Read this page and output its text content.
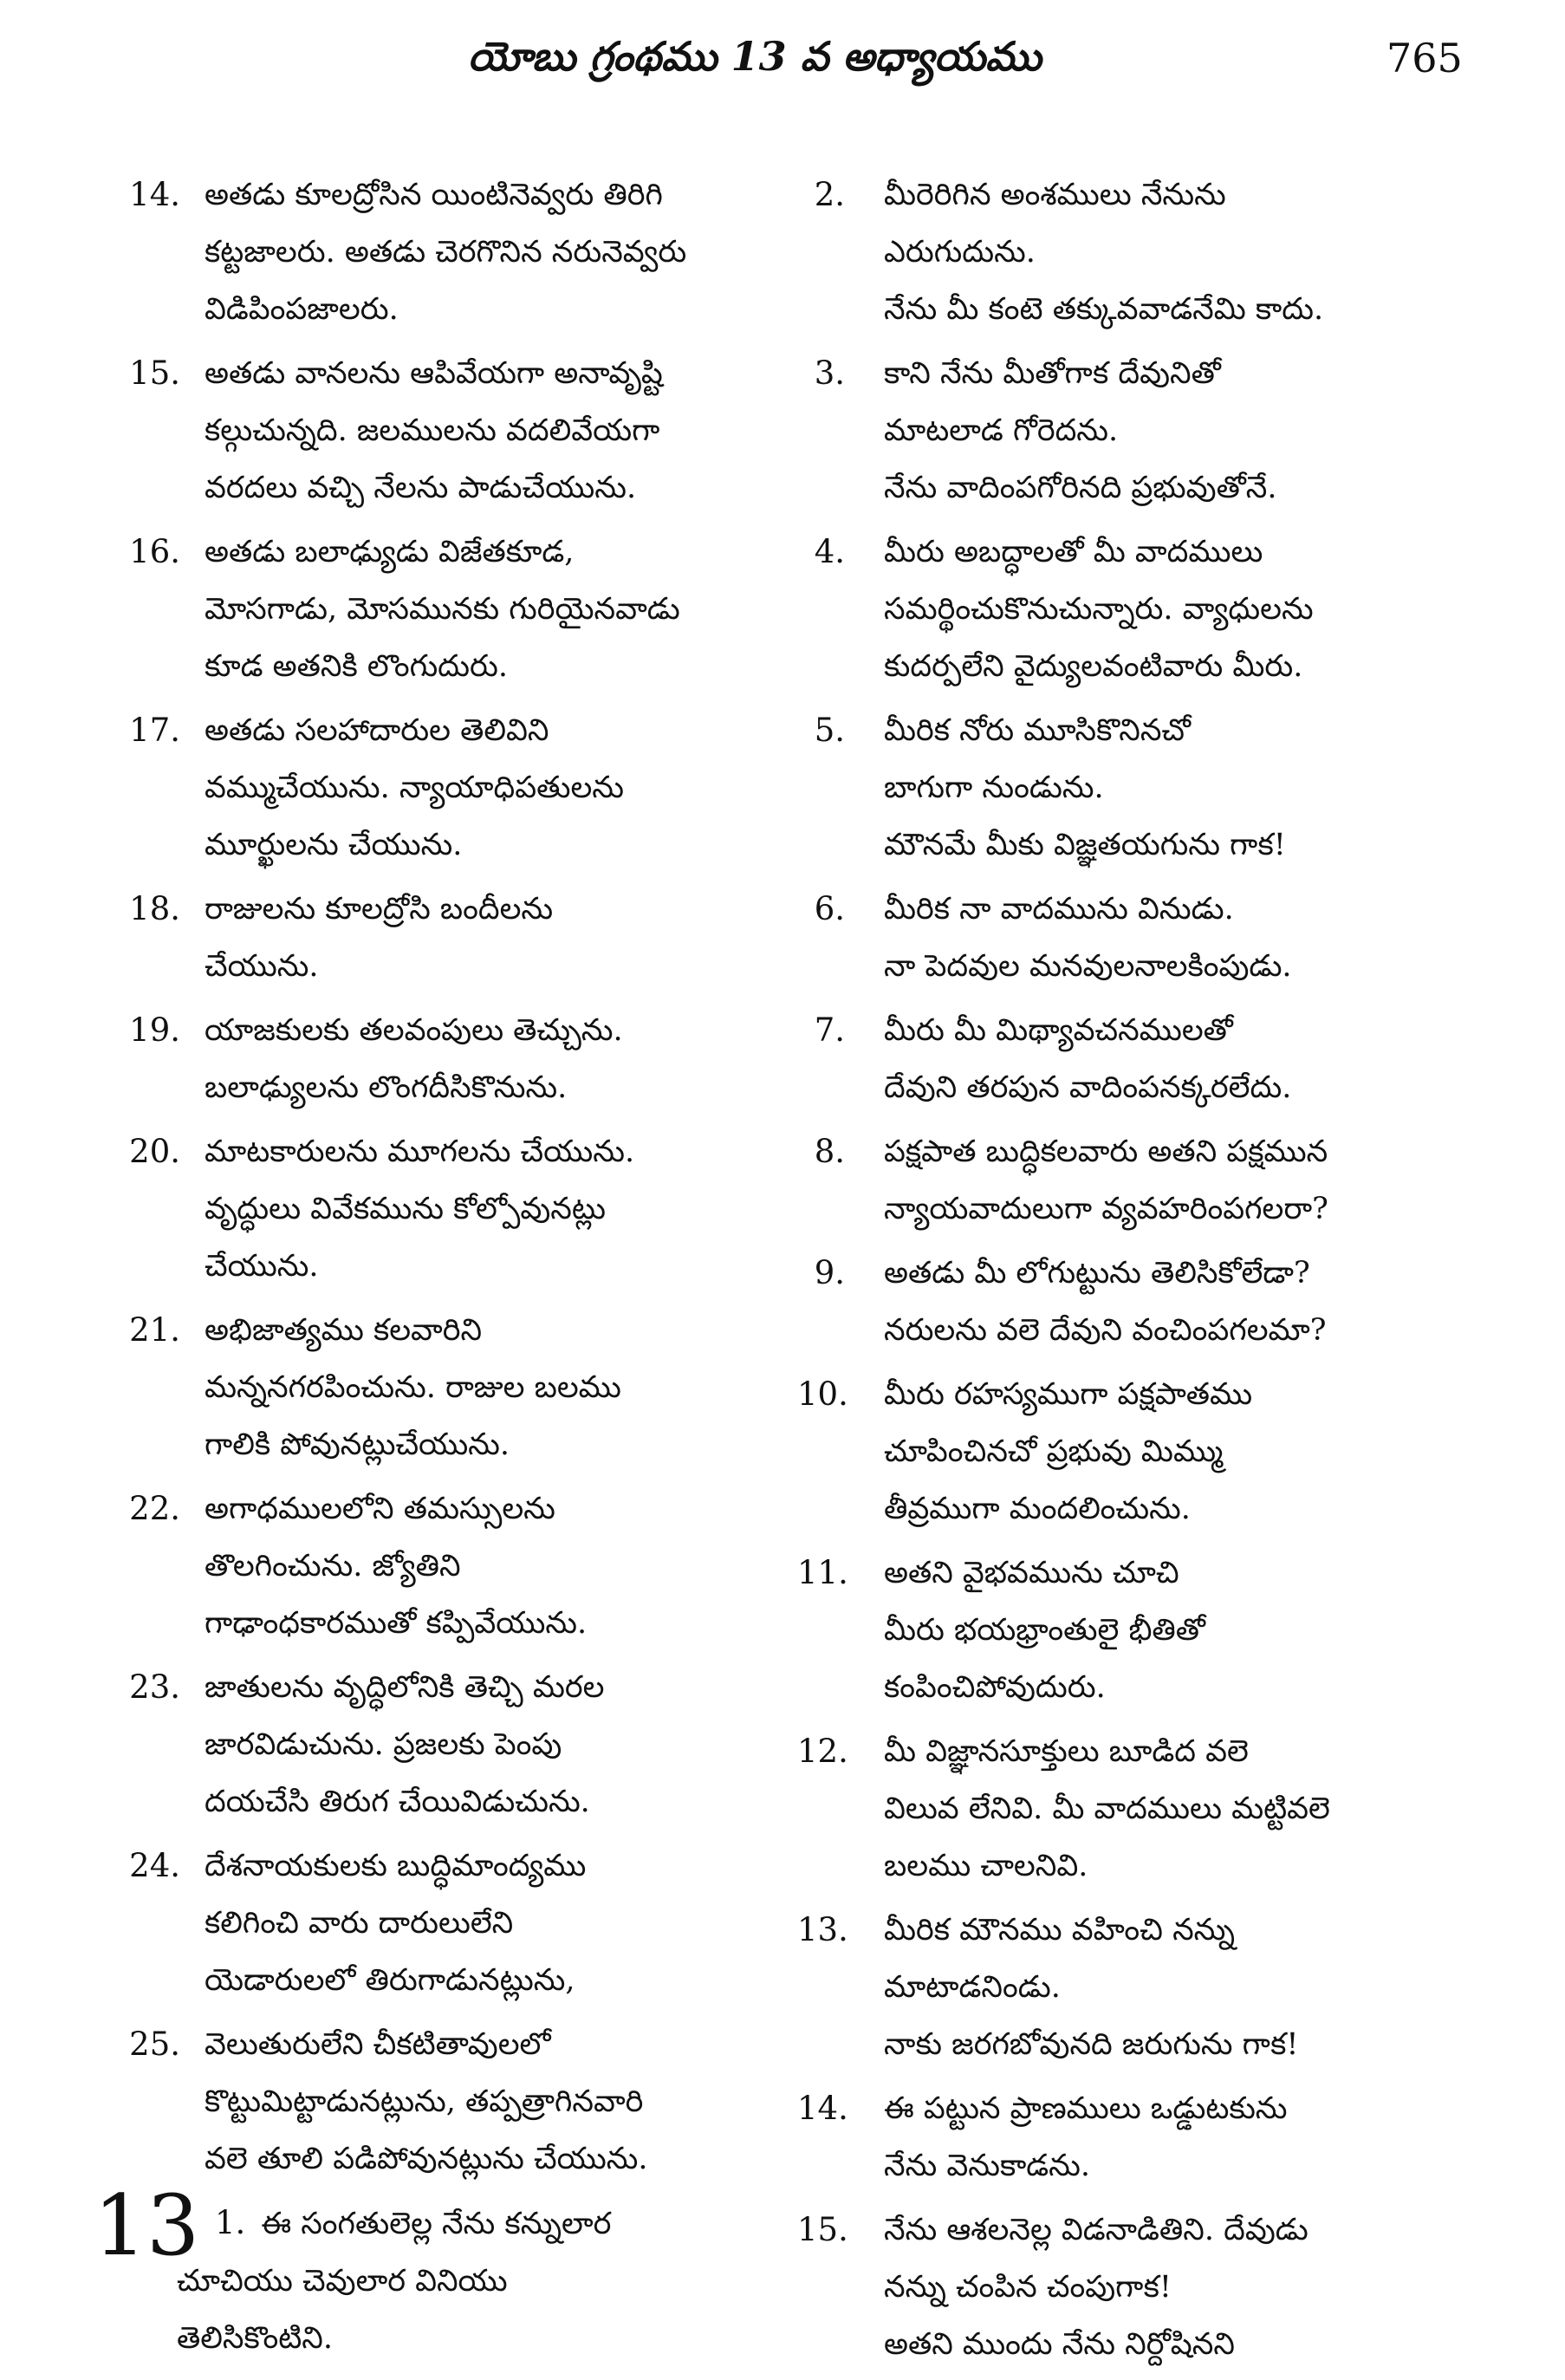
యోబు గ్రంథము 13 వ అధ్యాయము	765
14. అతడు కూలద్రోసిన యింటినెవ్వరు తిరిగి
కట్టజాలరు. అతడు చెరగొనిన నరునెవ్వరు
విడిపింపజాలరు.
15. అతడు వానలను ఆపివేయగా అనావృష్టి
కల్గుచున్నది. జలములను వదలివేయగా
వరదలు వచ్చి నేలను పాడుచేయును.
16. అతడు బలాఢ్యుడు విజేతకూడ,
మోసగాడు, మోసమునకు గురియైనవాడు
కూడ అతనికి లొంగుదురు.
17. అతడు సలహాదారుల తెలివిని
వమ్ముచేయును. న్యాయాధిపతులను
మూర్ఖులను చేయును.
18. రాజులను కూలద్రోసి బందీలను
చేయును.
19. యాజకులకు తలవంపులు తెచ్చును.
బలాఢ్యులను లొంగదీసికొనును.
20. మాటకారులను మూగలను చేయును.
వృద్ధులు వివేకమును కోల్పోవునట్లు
చేయును.
21. అభిజాత్యము కలవారిని
మన్ననగరపించును. రాజుల బలము
గాలికి పోవునట్లుచేయును.
22. అగాధములలోని తమస్సులను
తొలగించును. జ్యోతిని
గాఢాంధకారముతో కప్పివేయును.
23. జాతులను వృద్ధిలోనికి తెచ్చి మరల
జారవిడుచును. ప్రజలకు పెంపు
దయచేసి తిరుగ చేయివిడుచును.
24. దేశనాయకులకు బుద్ధిమాంద్యము
కలిగించి వారు దారులులేని
యెడారులలో తిరుగాడునట్లును,
25. వెలుతురులేని చీకటితావులలో
కొట్టుమిట్టాడునట్లును, తప్పత్రాగినవారి
వలె తూలి పడిపోవునట్లును చేయును.
13 1. ఈ సంగతులెల్ల నేను కన్నులార
చూచియు చెవులార వినియు
తెలిసికొంటిని.
2.	మీరెరిగిన అంశములు నేనును
ఎరుగుదును.
నేను మీ కంటె తక్కువవాడనేమి కాదు.
3.	కాని నేను మీతోగాక దేవునితో
మాటలాడ గోరెదను.
నేను వాదింపగోరినది ప్రభువుతోనే.
4.	మీరు అబద్ధాలతో మీ వాదములు
సమర్థించుకొనుచున్నారు. వ్యాధులను
కుదర్పలేని వైద్యులవంటివారు మీరు.
5.	మీరిక నోరు మూసికొనినచో
బాగుగా నుండును.
మౌనమే మీకు విజ్ఞతయగును గాక!
6.	మీరిక నా వాదమును వినుడు.
నా పెదవుల మనవులనాలకింపుడు.
7.	మీరు మీ మిథ్యావచనములతో
దేవుని తరపున వాదింపనక్కరలేదు.
8.	పక్షపాత బుద్ధికలవారు అతని పక్షమున
న్యాయవాదులుగా వ్యవహరింపగలరా?
9.	అతడు మీ లోగుట్టును తెలిసికోలేడా?
నరులను వలె దేవుని వంచింపగలమా?
10.	మీరు రహస్యముగా పక్షపాతము
చూపించినచో ప్రభువు మిమ్ము
తీవ్రముగా మందలించును.
11.	అతని వైభవమును చూచి
మీరు భయభ్రాంతులై భీతితో
కంపించిపోవుదురు.
12.	మీ విజ్ఞానసూక్తులు బూడిద వలె
విలువ లేనివి. మీ వాదములు మట్టివలె
బలము చాలనివి.
13.	మీరిక మౌనము వహించి నన్ను
మాటాడనిండు.
నాకు జరగబోవునది జరుగును గాక!
14.	ఈ పట్టున ప్రాణములు ఒడ్డుటకును
నేను వెనుకాడను.
15.	నేను ఆశలనెల్ల విడనాడితిని. దేవుడు
నన్ను చంపిన చంపుగాక!
అతని ముందు నేను నిర్దోషినని
